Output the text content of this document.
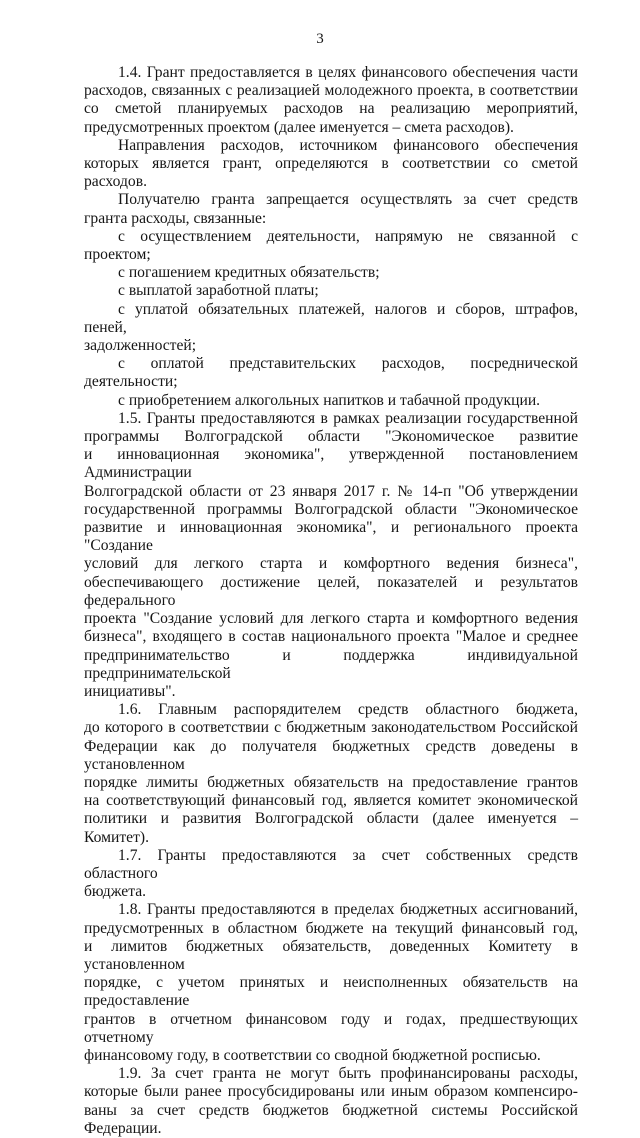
3

1.4. Грант предоставляется в целях финансового обеспечения части

расходов, связанных с реализацией молодежного проекта, в соответствии

со сметой планируемых расходов на реализацию мероприятий,

предусмотренных проектом (далее именуется – смета расходов).

Направления расходов, источником финансового обеспечения

которых является грант, определяются в соответствии со сметой расходов.

Получателю гранта запрещается осуществлять за счет средств

гранта расходы, связанные:

с осуществлением деятельности, напрямую не связанной с проектом;

с погашением кредитных обязательств;

с выплатой заработной платы;

с уплатой обязательных платежей, налогов и сборов, штрафов, пеней,

задолженностей;

с оплатой представительских расходов, посреднической деятельности;

с приобретением алкогольных напитков и табачной продукции.

1.5. Гранты предоставляются в рамках реализации государственной

программы Волгоградской области "Экономическое развитие

и инновационная экономика", утвержденной постановлением Администрации

Волгоградской области от 23 января 2017 г. № 14-п "Об утверждении

государственной программы Волгоградской области "Экономическое

развитие и инновационная экономика", и регионального проекта "Создание

условий для легкого старта и комфортного ведения бизнеса",

обеспечивающего достижение целей, показателей и результатов федерального

проекта "Создание условий для легкого старта и комфортного ведения

бизнеса", входящего в состав национального проекта "Малое и среднее

предпринимательство и поддержка индивидуальной предпринимательской

инициативы".

1.6. Главным распорядителем средств областного бюджета,

до которого в соответствии с бюджетным законодательством Российской

Федерации как до получателя бюджетных средств доведены в установленном

порядке лимиты бюджетных обязательств на предоставление грантов

на соответствующий финансовый год, является комитет экономической

политики и развития Волгоградской области (далее именуется – Комитет).

1.7. Гранты предоставляются за счет собственных средств областного

бюджета.

1.8. Гранты предоставляются в пределах бюджетных ассигнований,

предусмотренных в областном бюджете на текущий финансовый год,

и лимитов бюджетных обязательств, доведенных Комитету в установленном

порядке, с учетом принятых и неисполненных обязательств на предоставление

грантов в отчетном финансовом году и годах, предшествующих отчетному

финансовому году, в соответствии со сводной бюджетной росписью.

1.9. За счет гранта не могут быть профинансированы расходы,

которые были ранее просубсидированы или иным образом компенсиро-

ваны за счет средств бюджетов бюджетной системы Российской Федерации.
